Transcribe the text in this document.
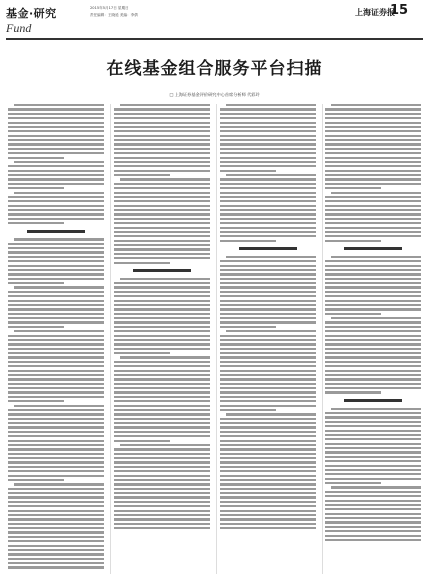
基金·研究
Fund
2015年5月17日 星期日
责任编辑：王晓延 美编：李倩	上海证券报
15
在线基金组合服务平台扫描
□ 上海证券基金评价研究中心首席分析师 代彩玲
